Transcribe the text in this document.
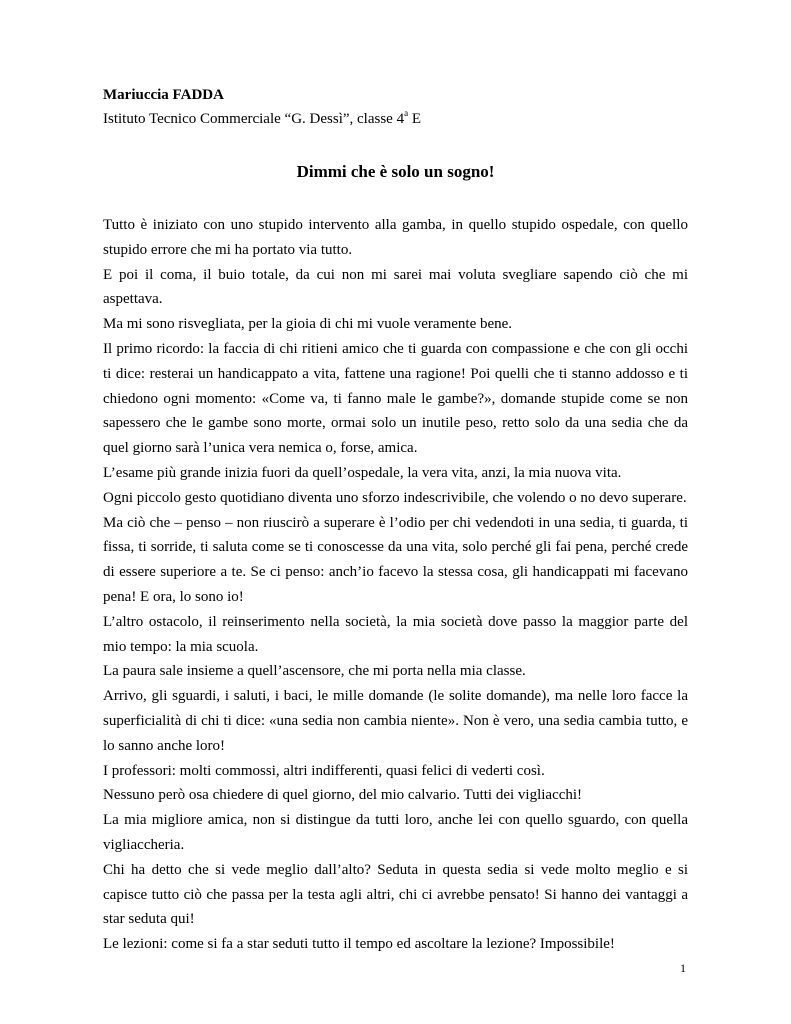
Mariuccia FADDA
Istituto Tecnico Commerciale “G. Dessì”, classe 4$^a$ E
Dimmi che è solo un sogno!

Tutto è iniziato con uno stupido intervento alla gamba, in quello stupido ospedale, con quello stupido errore che mi ha portato via tutto.

E poi il coma, il buio totale, da cui non mi sarei mai voluta svegliare sapendo ciò che mi aspettava.

Ma mi sono risvegliata, per la gioia di chi mi vuole veramente bene.

Il primo ricordo: la faccia di chi ritieni amico che ti guarda con compassione e che con gli occhi ti dice: resterai un handicappato a vita, fattene una ragione! Poi quelli che ti stanno addosso e ti chiedono ogni momento: «Come va, ti fanno male le gambe?», domande stupide come se non sapessero che le gambe sono morte, ormai solo un inutile peso, retto solo da una sedia che da quel giorno sarà l’unica vera nemica o, forse, amica.

L’esame più grande inizia fuori da quell’ospedale, la vera vita, anzi, la mia nuova vita.

Ogni piccolo gesto quotidiano diventa uno sforzo indescrivibile, che volendo o no devo superare.

Ma ciò che – penso – non riuscirò a superare è l’odio per chi vedendoti in una sedia, ti guarda, ti fissa, ti sorride, ti saluta come se ti conoscesse da una vita, solo perché gli fai pena, perché crede di essere superiore a te. Se ci penso: anch’io facevo la stessa cosa, gli handicappati mi facevano pena! E ora, lo sono io!

L’altro ostacolo, il reinserimento nella società, la mia società dove passo la maggior parte del mio tempo: la mia scuola.

La paura sale insieme a quell’ascensore, che mi porta nella mia classe.

Arrivo, gli sguardi, i saluti, i baci, le mille domande (le solite domande), ma nelle loro facce la superficialità di chi ti dice: «una sedia non cambia niente». Non è vero, una sedia cambia tutto, e lo sanno anche loro!

I professori: molti commossi, altri indifferenti, quasi felici di vederti così.

Nessuno però osa chiedere di quel giorno, del mio calvario. Tutti dei vigliacchi!

La mia migliore amica, non si distingue da tutti loro, anche lei con quello sguardo, con quella vigliaccheria.

Chi ha detto che si vede meglio dall’alto? Seduta in questa sedia si vede molto meglio e si capisce tutto ciò che passa per la testa agli altri, chi ci avrebbe pensato! Si hanno dei vantaggi a star seduta qui!

Le lezioni: come si fa a star seduti tutto il tempo ed ascoltare la lezione? Impossibile!

1
